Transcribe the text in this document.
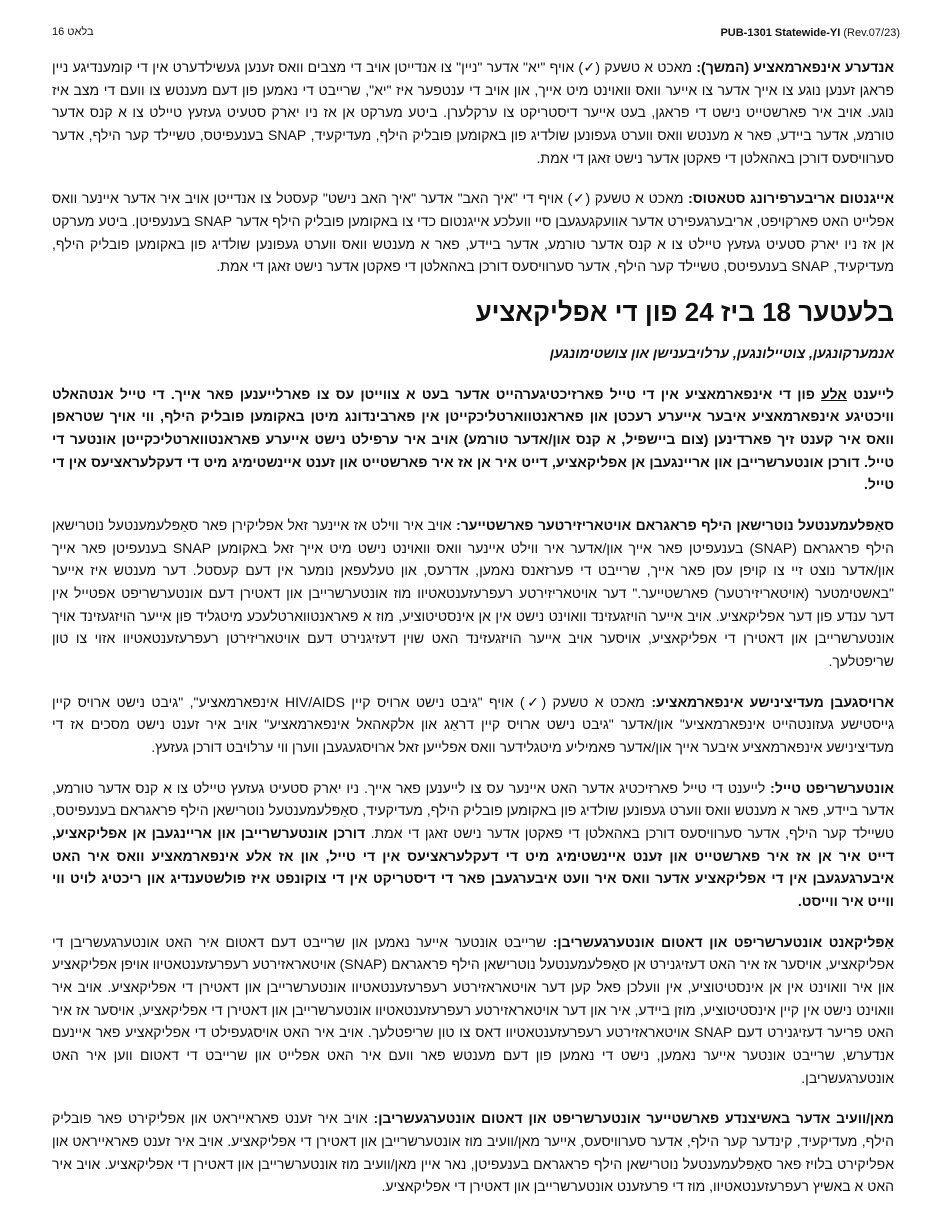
בלאט 16	PUB-1301 Statewide-YI (Rev.07/23)

אנדערע אינפארמאציע (המשך): מאכט א טשעק (✓) אויף "יא" אדער "ניין" צו אנדייטן אויב די מצבים וואס זענען געשילדערט אין די קומענדיגע ניין פראגן זענען נוגע צו אייך אדער צו אייער וואס וואוינט מיט אייך, און אויב די ענטפער איז "יא", שרייבט די נאמען פון דעם מענטש צו וועם די מצב איז נוגע. אויב איר פארשטייט נישט די פראגן, בעט אייער דיסטריקט צו ערקלערן. ביטע מערקט אן אז ניו יארק סטעיט געזעץ טיילט צו א קנס אדער טורמע, אדער ביידע, פאר א מענטש וואס ווערט געפונען שולדיג פון באקומען פובליק הילף, מעדיקעיד, SNAP בענעפיטס, טשיילד קער הילף, אדער סערוויסעס דורכן באהאלטן די פאקטן אדער נישט זאגן די אמת.

אייגנטום אריבערפירונג סטאטוס: מאכט א טשעק (✓) אויף די "איך האב" אדער "איך האב נישט" קעסטל צו אנדייטן אויב איר אדער איינער וואס אפלייט האט פארקויפט, אריבערגעפירט אדער אוועקגעגעבן סיי וועלכע אייגנטום כדי צו באקומען פובליק הילף אדער SNAP בענעפיטן. ביטע מערקט אן אז ניו יארק סטעיט געזעץ טיילט צו א קנס אדער טורמע, אדער ביידע, פאר א מענטש וואס ווערט געפונען שולדיג פון באקומען פובליק הילף, מעדיקעיד, SNAP בענעפיטס, טשיילד קער הילף, אדער סערוויסעס דורכן באהאלטן די פאקטן אדער נישט זאגן די אמת.

בלעטער 18 ביז 24 פון די אפליקאציע
אנמערקונגען, צוטיילונגען, ערלויבענישן און צושטימונגען

לייענט אלע פון די אינפארמאציע אין די טייל פארזיכטיגערהייט אדער בעט א צווייטן עס צו פארלייענען פאר אייך. די טייל אנטהאלט וויכטיגע אינפארמאציע איבער אייערע רעכטן און פאראנטווארטליכקייטן אין פארבינדונג מיטן באקומען פובליק הילף, ווי אויך שטראפן וואס איר קענט זיך פארדינען (צום ביישפיל, א קנס און/אדער טורמע) אויב איר ערפילט נישט אייערע פאראנטווארטליכקייטן אונטער די טייל. דורכן אונטערשרייבן און אריינגעבן אן אפליקאציע, דייט איר אן אז איר פארשטייט און זענט איינשטימיג מיט די דעקלעראציעס אין די טייל.

סאַפּלעמענטעל נוטרישאן הילף פראגראם אויטאריזירטער פארשטייער: אויב איר ווילט אז איינער זאל אפליקירן פאר סאַפּלעמענטעל נוטרישאן הילף פראגראם (SNAP) בענעפיטן פאר אייך און/אדער איר ווילט איינער וואס וואוינט נישט מיט אייך זאל באקומען SNAP בענעפיטן פאר אייך און/אדער נוצט זיי צו קויפן עסן פאר אייך, שרייבט די פערזאנס נאמען, אדרעס, און טעלעפאן נומער אין דעם קעסטל. דער מענטש איז אייער "באשטימטער (אויטאריזירטער) פארשטייער." דער אויטאריזירטע רעפרעזענטאטיוו מוז אונטערשרייבן און דאטירן דעם אונטערשריפט אפטייל אין דער ענדע פון דער אפליקאציע. אויב אייער הויזגעזינד וואוינט נישט אין אן אינסטיטוציע, מוז א פאראנטווארטלעכע מיטגליד פון אייער הויזגעזינד אויך אונטערשרייבן און דאטירן די אפליקאציע, אויסער אויב אייער הויזגעזינד האט שוין דעזיגנירט דעם אויטאריזירטן רעפרעזענטאטיוו אזוי צו טון שריפטלעך.

ארויסגעבן מעדיצינישע אינפארמאציע: מאכט א טשעק (✓) אויף "גיבט נישט ארויס קיין HIV/AIDS אינפארמאציע", "גיבט נישט ארויס קיין גייסטישע געזונטהייט אינפארמאציע" און/אדער "גיבט נישט ארויס קיין דראַג און אלקאהאל אינפארמאציע" אויב איר זענט נישט מסכים אז די מעדיצינישע אינפארמאציע איבער אייך און/אדער פאמיליע מיטגלידער וואס אפלייען זאל ארויסגעגעבן ווערן ווי ערלויבט דורכן געזעץ.

אונטערשריפט טייל: לייענט די טייל פארזיכטיג אדער האט איינער עס צו לייענען פאר אייך. ניו יארק סטעיט געזעץ טיילט צו א קנס אדער טורמע, אדער ביידע, פאר א מענטש וואס ווערט געפונען שולדיג פון באקומען פובליק הילף, מעדיקעיד, סאַפּלעמענטעל נוטרישאן הילף פראגראם בענעפיטס, טשיילד קער הילף, אדער סערוויסעס דורכן באהאלטן די פאקטן אדער נישט זאגן די אמת. דורכן אונטערשרייבן און אריינגעבן אן אפליקאציע, דייט איר אן אז איר פארשטייט און זענט איינשטימיג מיט די דעקלעראציעס אין די טייל, און אז אלע אינפארמאציע וואס איר האט איבערגעגעבן אין די אפליקאציע אדער וואס איר וועט איבערגעבן פאר די דיסטריקט אין די צוקונפט איז פולשטענדיג און ריכטיג לויט ווי ווייט איר ווייסט.

אַפּליקאנט אונטערשריפט און דאטום אונטערגעשריבן: שרייבט אונטער אייער נאמען און שרייבט דעם דאטום איר האט אונטערגעשריבן די אפליקאציע, אויסער אז איר האט דעזיגנירט אן סאַפּלעמענטעל נוטרישאן הילף פראגראם (SNAP) אויטאראזירטע רעפרעזענטאטיוו אויפן אפליקאציע און איר וואוינט אין אן אינסטיטוציע, אין וועלכן פאל קען דער אויטאראזירטע רעפרעזענטאטיוו אונטערשרייבן און דאטירן די אפליקאציע. אויב איר וואוינט נישט אין קיין אינסטיטוציע, מוזן ביידע, איר און דער אויטאראזירטע רעפרעזענטאטיוו אונטערשרייבן און דאטירן די אפליקאציע, אויסער אז איר האט פריער דעזיגנירט דעם SNAP אויטאראזירטע רעפרעזענטאטיוו דאס צו טון שריפטלעך. אויב איר האט אויסגעפילט די אפליקאציע פאר איינעם אנדערש, שרייבט אונטער אייער נאמען, נישט די נאמען פון דעם מענטש פאר וועם איר האט אפלייט און שרייבט די דאטום ווען איר האט אונטערגעשריבן.

מאן/וועיב אדער באשיצנדע פארשטייער אונטערשריפט און דאטום אונטערגעשריבן: אויב איר זענט פאראייראט און אפליקירט פאר פובליק הילף, מעדיקעיד, קינדער קער הילף, אדער סערוויסעס, אייער מאן/וועיב מוז אונטערשרייבן און דאטירן די אפליקאציע. אויב איר זענט פאראייראט און אפליקירט בלויז פאר סאַפּלעמענטעל נוטרישאן הילף פראגראם בענעפיטן, נאר איין מאן/וועיב מוז אונטערשרייבן און דאטירן די אפליקאציע. אויב איר האט א באשיץ רעפרעזענטאטיוו, מוז די פרעזענט אונטערשרייבן און דאטירן די אפליקאציע.
